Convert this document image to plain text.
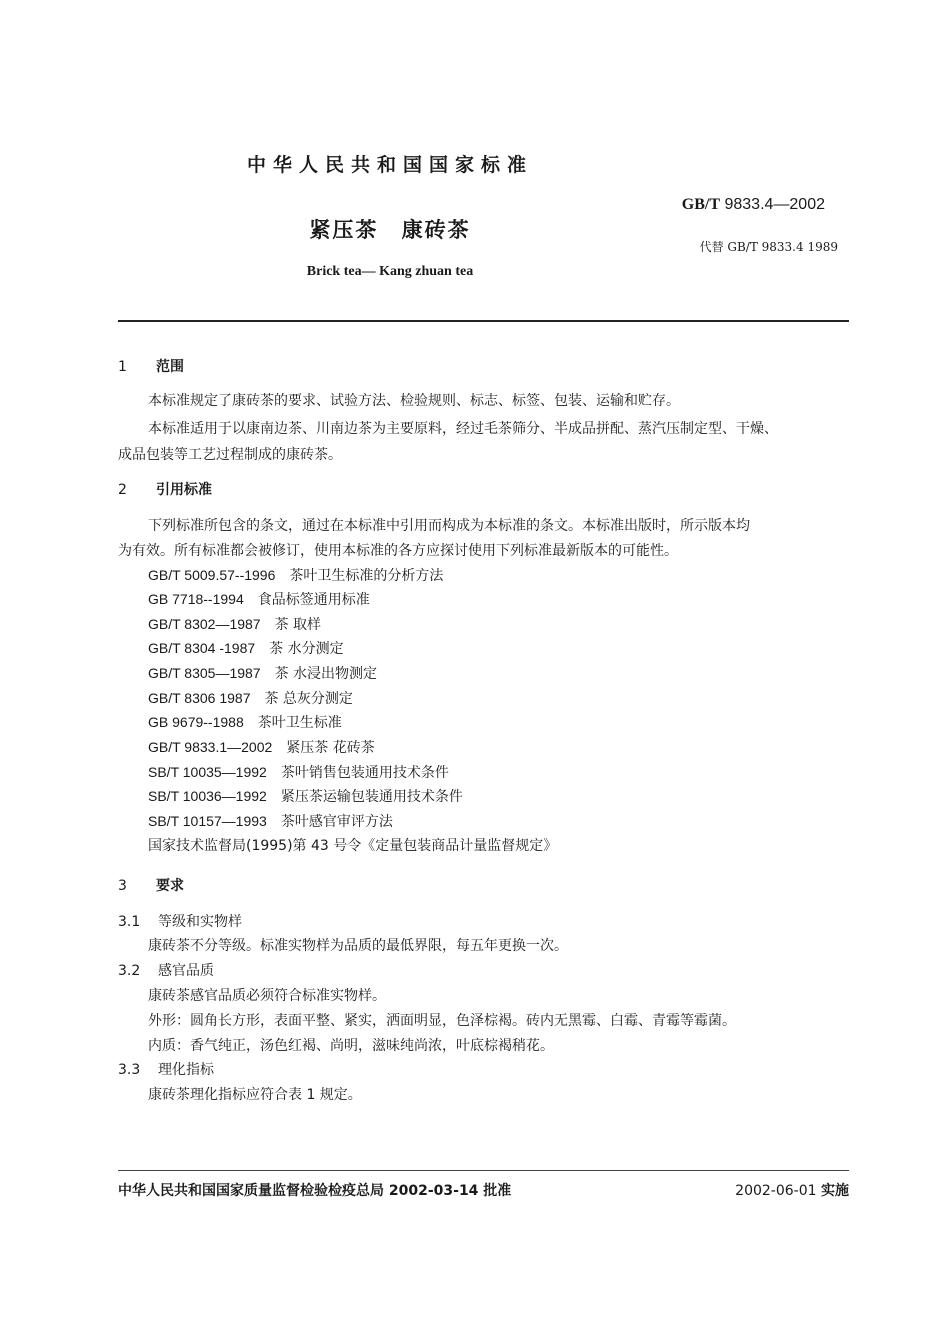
中华人民共和国国家标准
GB/T 9833.4—2002
紧压茶 康砖茶
代替 GB/T 9833.4 1989
Brick tea— Kang zhuan tea
1 范围
本标准规定了康砖茶的要求、试验方法、检验规则、标志、标签、包装、运输和贮存。
本标准适用于以康南边茶、川南边茶为主要原料，经过毛茶筛分、半成品拼配、蒸汽压制定型、干燥、
成品包装等工艺过程制成的康砖茶。
2 引用标准
下列标准所包含的条文，通过在本标准中引用而构成为本标准的条文。本标准出版时，所示版本均
为有效。所有标准都会被修订，使用本标准的各方应探讨使用下列标准最新版本的可能性。
GB/T 5009.57--1996 茶叶卫生标准的分析方法
GB 7718--1994 食品标签通用标准
GB/T 8302—1987 茶 取样
GB/T 8304 -1987 茶 水分测定
GB/T 8305—1987 茶 水浸出物测定
GB/T 8306 1987 茶 总灰分测定
GB 9679--1988 茶叶卫生标准
GB/T 9833.1—2002 紧压茶 花砖茶
SB/T 10035—1992 茶叶销售包装通用技术条件
SB/T 10036—1992 紧压茶运输包装通用技术条件
SB/T 10157—1993 茶叶感官审评方法
国家技术监督局(1995)第 43 号令《定量包装商品计量监督规定》
3 要求
3.1 等级和实物样
康砖茶不分等级。标准实物样为品质的最低界限，每五年更换一次。
3.2 感官品质
康砖茶感官品质必须符合标准实物样。
外形：圆角长方形，表面平整、紧实，洒面明显，色泽棕褐。砖内无黑霉、白霉、青霉等霉菌。
内质：香气纯正，汤色红褐、尚明，滋味纯尚浓，叶底棕褐稍花。
3.3 理化指标
康砖茶理化指标应符合表 1 规定。
中华人民共和国国家质量监督检验检疫总局 2002-03-14 批准	2002-06-01 实施
